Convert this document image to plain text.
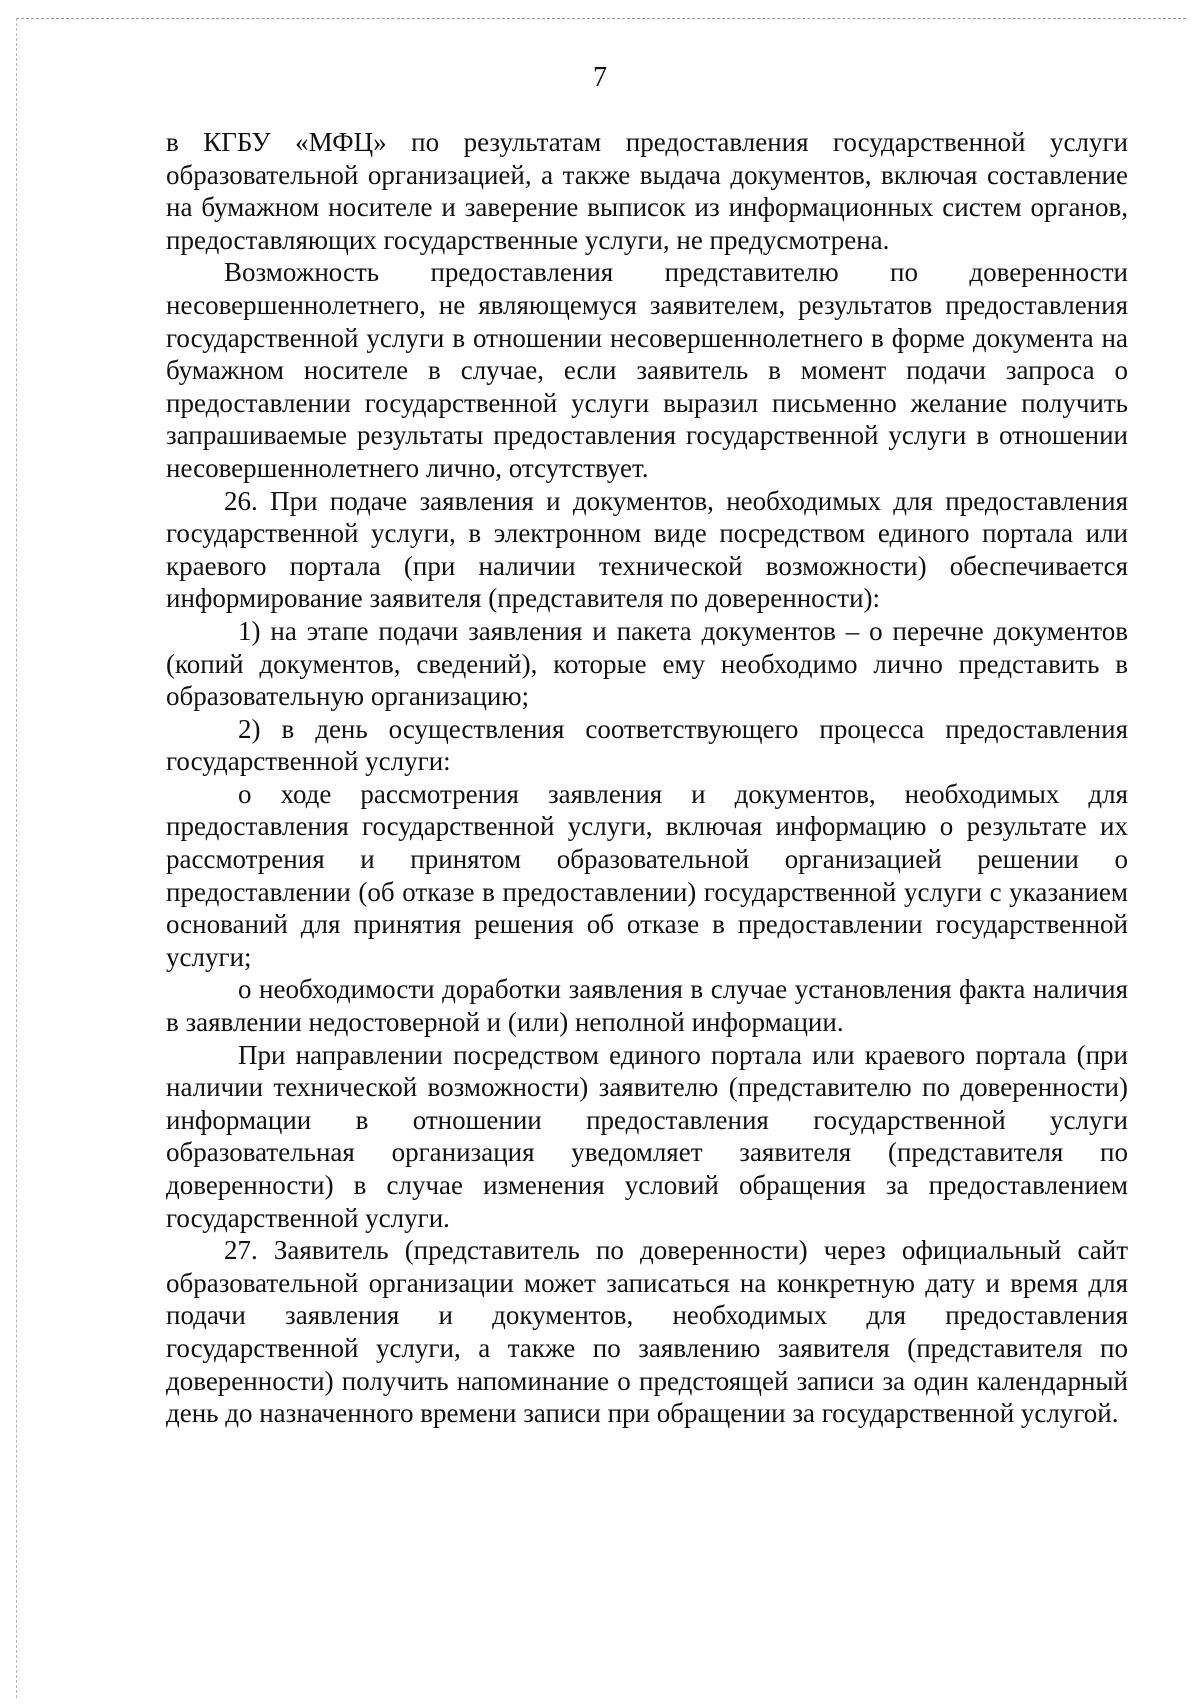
7

в КГБУ «МФЦ» по результатам предоставления государственной услуги образовательной организацией, а также выдача документов, включая составление на бумажном носителе и заверение выписок из информационных систем органов, предоставляющих государственные услуги, не предусмотрена.

Возможность предоставления представителю по доверенности несовершеннолетнего, не являющемуся заявителем, результатов предоставления государственной услуги в отношении несовершеннолетнего в форме документа на бумажном носителе в случае, если заявитель в момент подачи запроса о предоставлении государственной услуги выразил письменно желание получить запрашиваемые результаты предоставления государственной услуги в отношении несовершеннолетнего лично, отсутствует.

26. При подаче заявления и документов, необходимых для предоставления государственной услуги, в электронном виде посредством единого портала или краевого портала (при наличии технической возможности) обеспечивается информирование заявителя (представителя по доверенности):

1) на этапе подачи заявления и пакета документов – о перечне документов (копий документов, сведений), которые ему необходимо лично представить в образовательную организацию;

2) в день осуществления соответствующего процесса предоставления государственной услуги:

о ходе рассмотрения заявления и документов, необходимых для предоставления государственной услуги, включая информацию о результате их рассмотрения и принятом образовательной организацией решении о предоставлении (об отказе в предоставлении) государственной услуги с указанием оснований для принятия решения об отказе в предоставлении государственной услуги;

о необходимости доработки заявления в случае установления факта наличия в заявлении недостоверной и (или) неполной информации.

При направлении посредством единого портала или краевого портала (при наличии технической возможности) заявителю (представителю по доверенности) информации в отношении предоставления государственной услуги образовательная организация уведомляет заявителя (представителя по доверенности) в случае изменения условий обращения за предоставлением государственной услуги.

27. Заявитель (представитель по доверенности) через официальный сайт образовательной организации может записаться на конкретную дату и время для подачи заявления и документов, необходимых для предоставления государственной услуги, а также по заявлению заявителя (представителя по доверенности) получить напоминание о предстоящей записи за один календарный день до назначенного времени записи при обращении за государственной услугой.
